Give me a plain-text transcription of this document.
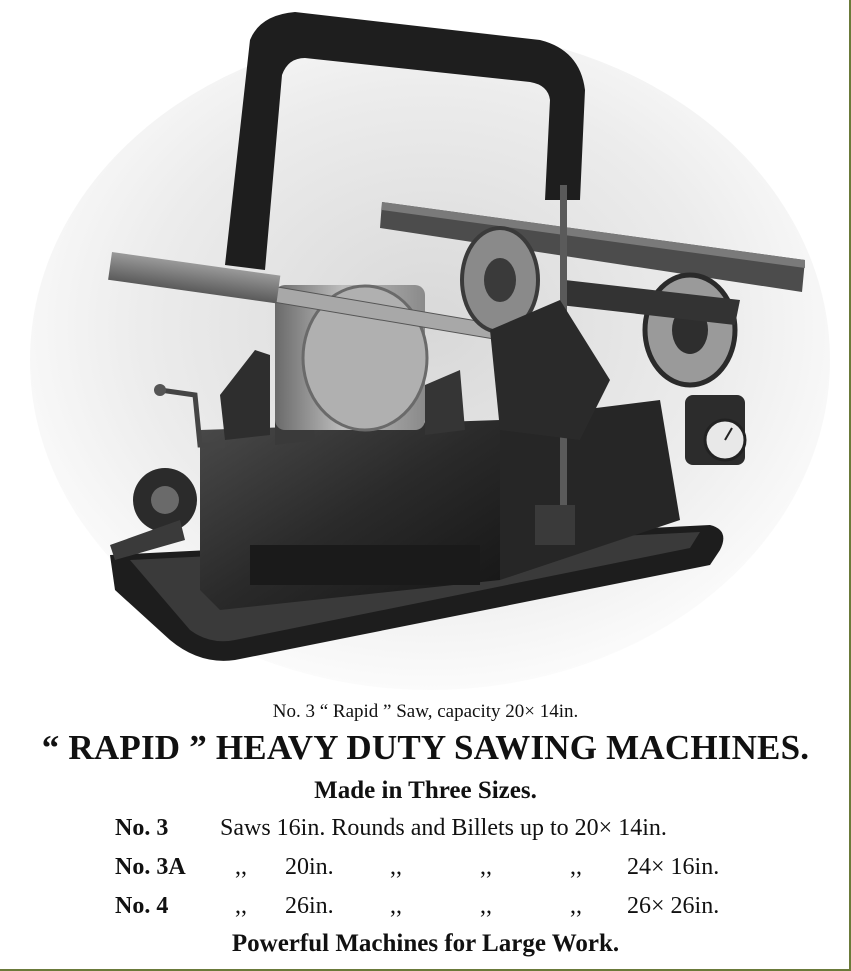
No. 3 “ Rapid ” Saw, capacity 20× 14in.
“ RAPID ” HEAVY DUTY SAWING MACHINES.
Made in Three Sizes.
No. 3 Saws 16in. Rounds and Billets up to 20× 14in.
No. 3A ,, 20in. ,,	,,	,, 24× 16in.
No. 4	,, 26in. ,,	,,	,, 26× 26in.
Powerful Machines for Large Work.
